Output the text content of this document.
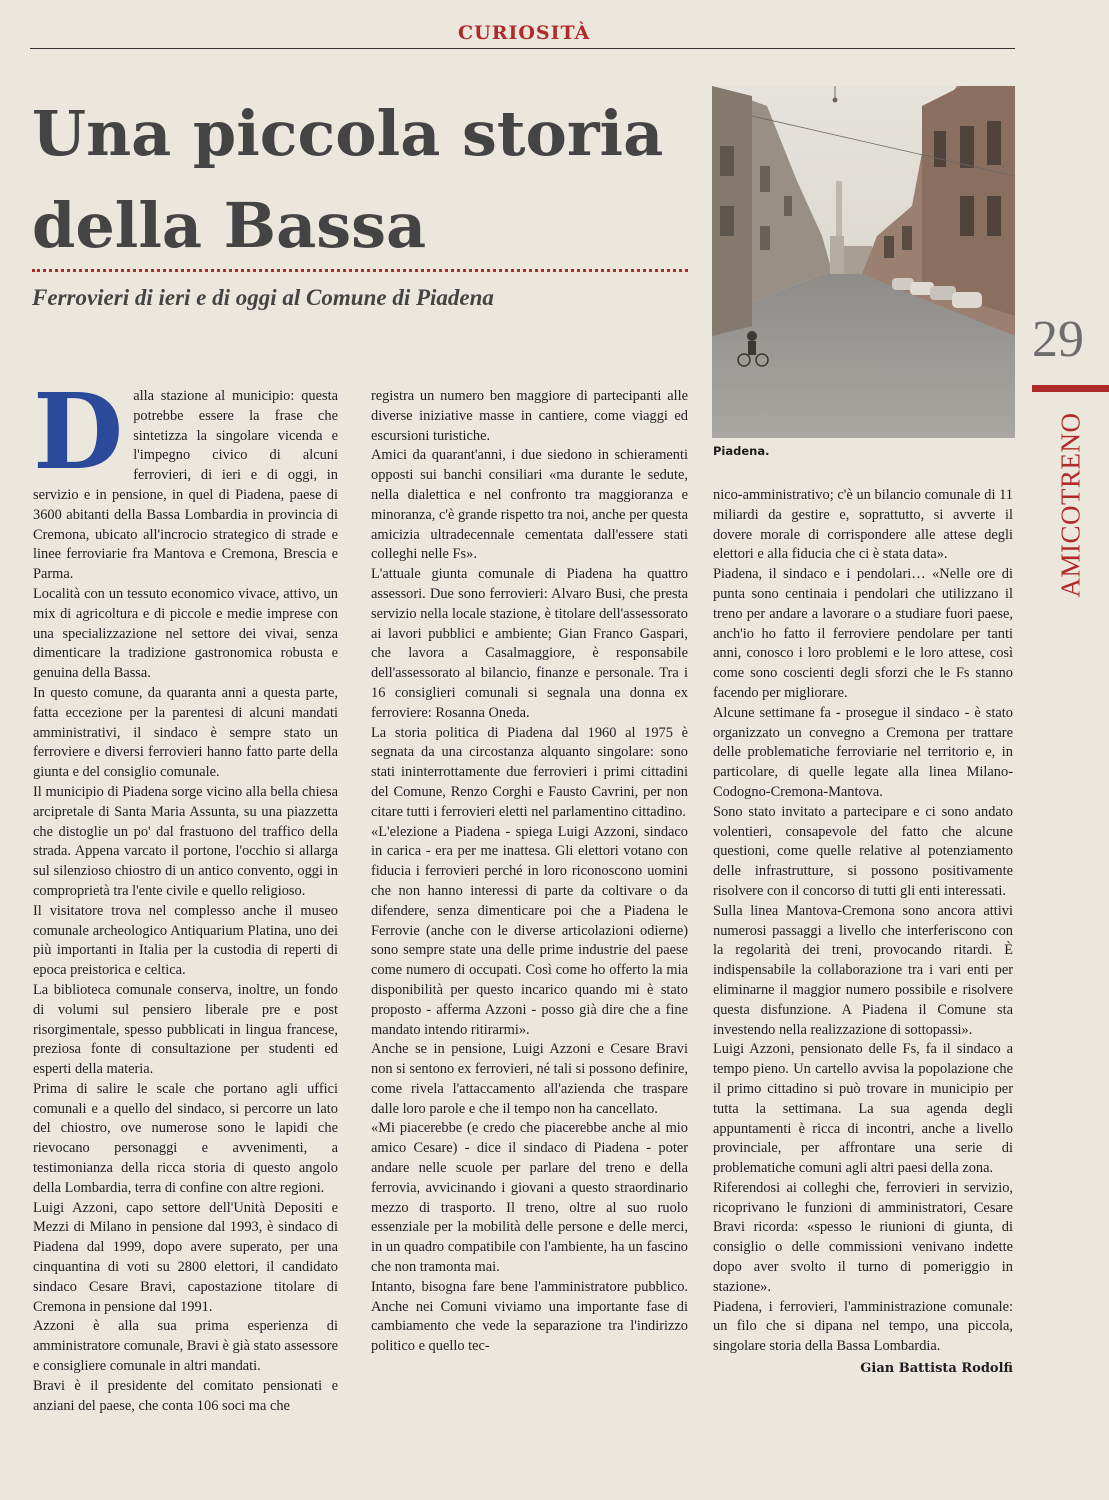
CURIOSITÀ
Una piccola storia della Bassa
Ferrovieri di ieri e di oggi al Comune di Piadena
Piadena.
29
AMICOTRENO
D alla stazione al municipio: questa potrebbe essere la frase che sintetizza la singolare vicenda e l'impegno civico di alcuni ferrovieri, di ieri e di oggi, in servizio e in pensione, in quel di Piadena, paese di 3600 abitanti della Bassa Lombardia in provincia di Cremona, ubicato all'incrocio strategico di strade e linee ferroviarie fra Mantova e Cremona, Brescia e Parma.

Località con un tessuto economico vivace, attivo, un mix di agricoltura e di piccole e medie imprese con una specializzazione nel settore dei vivai, senza dimenticare la tradizione gastronomica robusta e genuina della Bassa.

In questo comune, da quaranta anni a questa parte, fatta eccezione per la parentesi di alcuni mandati amministrativi, il sindaco è sempre stato un ferroviere e diversi ferrovieri hanno fatto parte della giunta e del consiglio comunale.

Il municipio di Piadena sorge vicino alla bella chiesa arcipretale di Santa Maria Assunta, su una piazzetta che distoglie un po' dal frastuono del traffico della strada. Appena varcato il portone, l'occhio si allarga sul silenzioso chiostro di un antico convento, oggi in comproprietà tra l'ente civile e quello religioso.

Il visitatore trova nel complesso anche il museo comunale archeologico Antiquarium Platina, uno dei più importanti in Italia per la custodia di reperti di epoca preistorica e celtica.

La biblioteca comunale conserva, inoltre, un fondo di volumi sul pensiero liberale pre e post risorgimentale, spesso pubblicati in lingua francese, preziosa fonte di consultazione per studenti ed esperti della materia.

Prima di salire le scale che portano agli uffici comunali e a quello del sindaco, si percorre un lato del chiostro, ove numerose sono le lapidi che rievocano personaggi e avvenimenti, a testimonianza della ricca storia di questo angolo della Lombardia, terra di confine con altre regioni.

Luigi Azzoni, capo settore dell'Unità Depositi e Mezzi di Milano in pensione dal 1993, è sindaco di Piadena dal 1999, dopo avere superato, per una cinquantina di voti su 2800 elettori, il candidato sindaco Cesare Bravi, capostazione titolare di Cremona in pensione dal 1991.

Azzoni è alla sua prima esperienza di amministratore comunale, Bravi è già stato assessore e consigliere comunale in altri mandati.

Bravi è il presidente del comitato pensionati e anziani del paese, che conta 106 soci ma che

registra un numero ben maggiore di partecipanti alle diverse iniziative masse in cantiere, come viaggi ed escursioni turistiche.

Amici da quarant'anni, i due siedono in schieramenti opposti sui banchi consiliari «ma durante le sedute, nella dialettica e nel confronto tra maggioranza e minoranza, c'è grande rispetto tra noi, anche per questa amicizia ultradecennale cementata dall'essere stati colleghi nelle Fs».

L'attuale giunta comunale di Piadena ha quattro assessori. Due sono ferrovieri: Alvaro Busi, che presta servizio nella locale stazione, è titolare dell'assessorato ai lavori pubblici e ambiente; Gian Franco Gaspari, che lavora a Casalmaggiore, è responsabile dell'assessorato al bilancio, finanze e personale. Tra i 16 consiglieri comunali si segnala una donna ex ferroviere: Rosanna Oneda.

La storia politica di Piadena dal 1960 al 1975 è segnata da una circostanza alquanto singolare: sono stati ininterrottamente due ferrovieri i primi cittadini del Comune, Renzo Corghi e Fausto Cavrini, per non citare tutti i ferrovieri eletti nel parlamentino cittadino.

«L'elezione a Piadena - spiega Luigi Azzoni, sindaco in carica - era per me inattesa. Gli elettori votano con fiducia i ferrovieri perché in loro riconoscono uomini che non hanno interessi di parte da coltivare o da difendere, senza dimenticare poi che a Piadena le Ferrovie (anche con le diverse articolazioni odierne) sono sempre state una delle prime industrie del paese come numero di occupati. Così come ho offerto la mia disponibilità per questo incarico quando mi è stato proposto - afferma Azzoni - posso già dire che a fine mandato intendo ritirarmi».

Anche se in pensione, Luigi Azzoni e Cesare Bravi non si sentono ex ferrovieri, né tali si possono definire, come rivela l'attaccamento all'azienda che traspare dalle loro parole e che il tempo non ha cancellato.

«Mi piacerebbe (e credo che piacerebbe anche al mio amico Cesare) - dice il sindaco di Piadena - poter andare nelle scuole per parlare del treno e della ferrovia, avvicinando i giovani a questo straordinario mezzo di trasporto. Il treno, oltre al suo ruolo essenziale per la mobilità delle persone e delle merci, in un quadro compatibile con l'ambiente, ha un fascino che non tramonta mai.

Intanto, bisogna fare bene l'amministratore pubblico. Anche nei Comuni viviamo una importante fase di cambiamento che vede la separazione tra l'indirizzo politico e quello tec-

nico-amministrativo; c'è un bilancio comunale di 11 miliardi da gestire e, soprattutto, si avverte il dovere morale di corrispondere alle attese degli elettori e alla fiducia che ci è stata data».

Piadena, il sindaco e i pendolari… «Nelle ore di punta sono centinaia i pendolari che utilizzano il treno per andare a lavorare o a studiare fuori paese, anch'io ho fatto il ferroviere pendolare per tanti anni, conosco i loro problemi e le loro attese, così come sono coscienti degli sforzi che le Fs stanno facendo per migliorare.

Alcune settimane fa - prosegue il sindaco - è stato organizzato un convegno a Cremona per trattare delle problematiche ferroviarie nel territorio e, in particolare, di quelle legate alla linea Milano-Codogno-Cremona-Mantova.

Sono stato invitato a partecipare e ci sono andato volentieri, consapevole del fatto che alcune questioni, come quelle relative al potenziamento delle infrastrutture, si possono positivamente risolvere con il concorso di tutti gli enti interessati.

Sulla linea Mantova-Cremona sono ancora attivi numerosi passaggi a livello che interferiscono con la regolarità dei treni, provocando ritardi. È indispensabile la collaborazione tra i vari enti per eliminarne il maggior numero possibile e risolvere questa disfunzione. A Piadena il Comune sta investendo nella realizzazione di sottopassi».

Luigi Azzoni, pensionato delle Fs, fa il sindaco a tempo pieno. Un cartello avvisa la popolazione che il primo cittadino si può trovare in municipio per tutta la settimana. La sua agenda degli appuntamenti è ricca di incontri, anche a livello provinciale, per affrontare una serie di problematiche comuni agli altri paesi della zona.

Riferendosi ai colleghi che, ferrovieri in servizio, ricoprivano le funzioni di amministratori, Cesare Bravi ricorda: «spesso le riunioni di giunta, di consiglio o delle commissioni venivano indette dopo aver svolto il turno di pomeriggio in stazione».

Piadena, i ferrovieri, l'amministrazione comunale: un filo che si dipana nel tempo, una piccola, singolare storia della Bassa Lombardia.

Gian Battista Rodolfi
